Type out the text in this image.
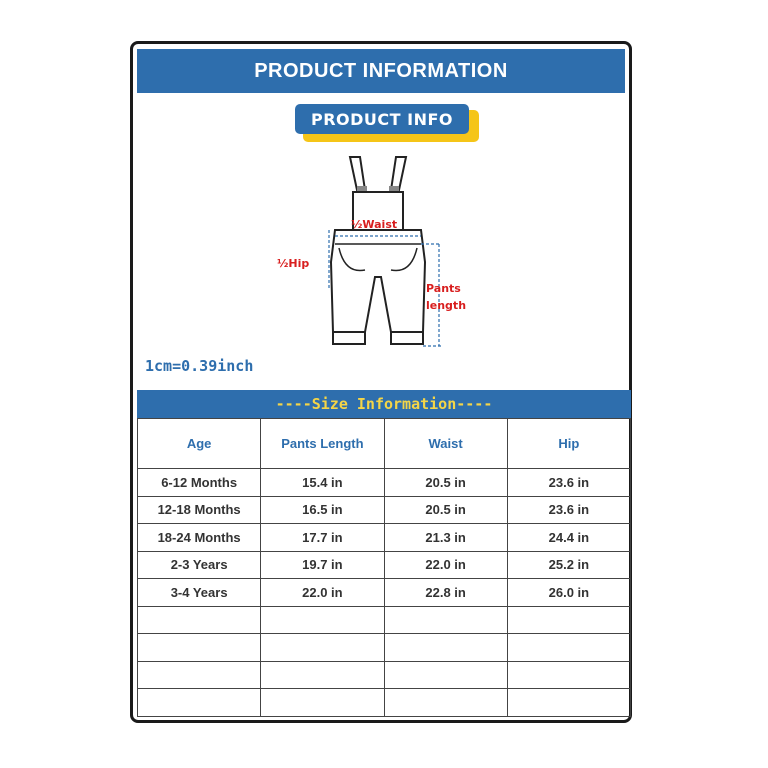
PRODUCT INFORMATION
PRODUCT INFO
½Waist
½Hip
Pants
length
1cm=0.39inch
----Size Information----
Age	Pants Length	Waist	Hip
6-12 Months	15.4 in	20.5 in	23.6 in
12-18 Months	16.5 in	20.5 in	23.6 in
18-24 Months	17.7 in	21.3 in	24.4 in
2-3 Years	19.7 in	22.0 in	25.2 in
3-4 Years	22.0 in	22.8 in	26.0 in
